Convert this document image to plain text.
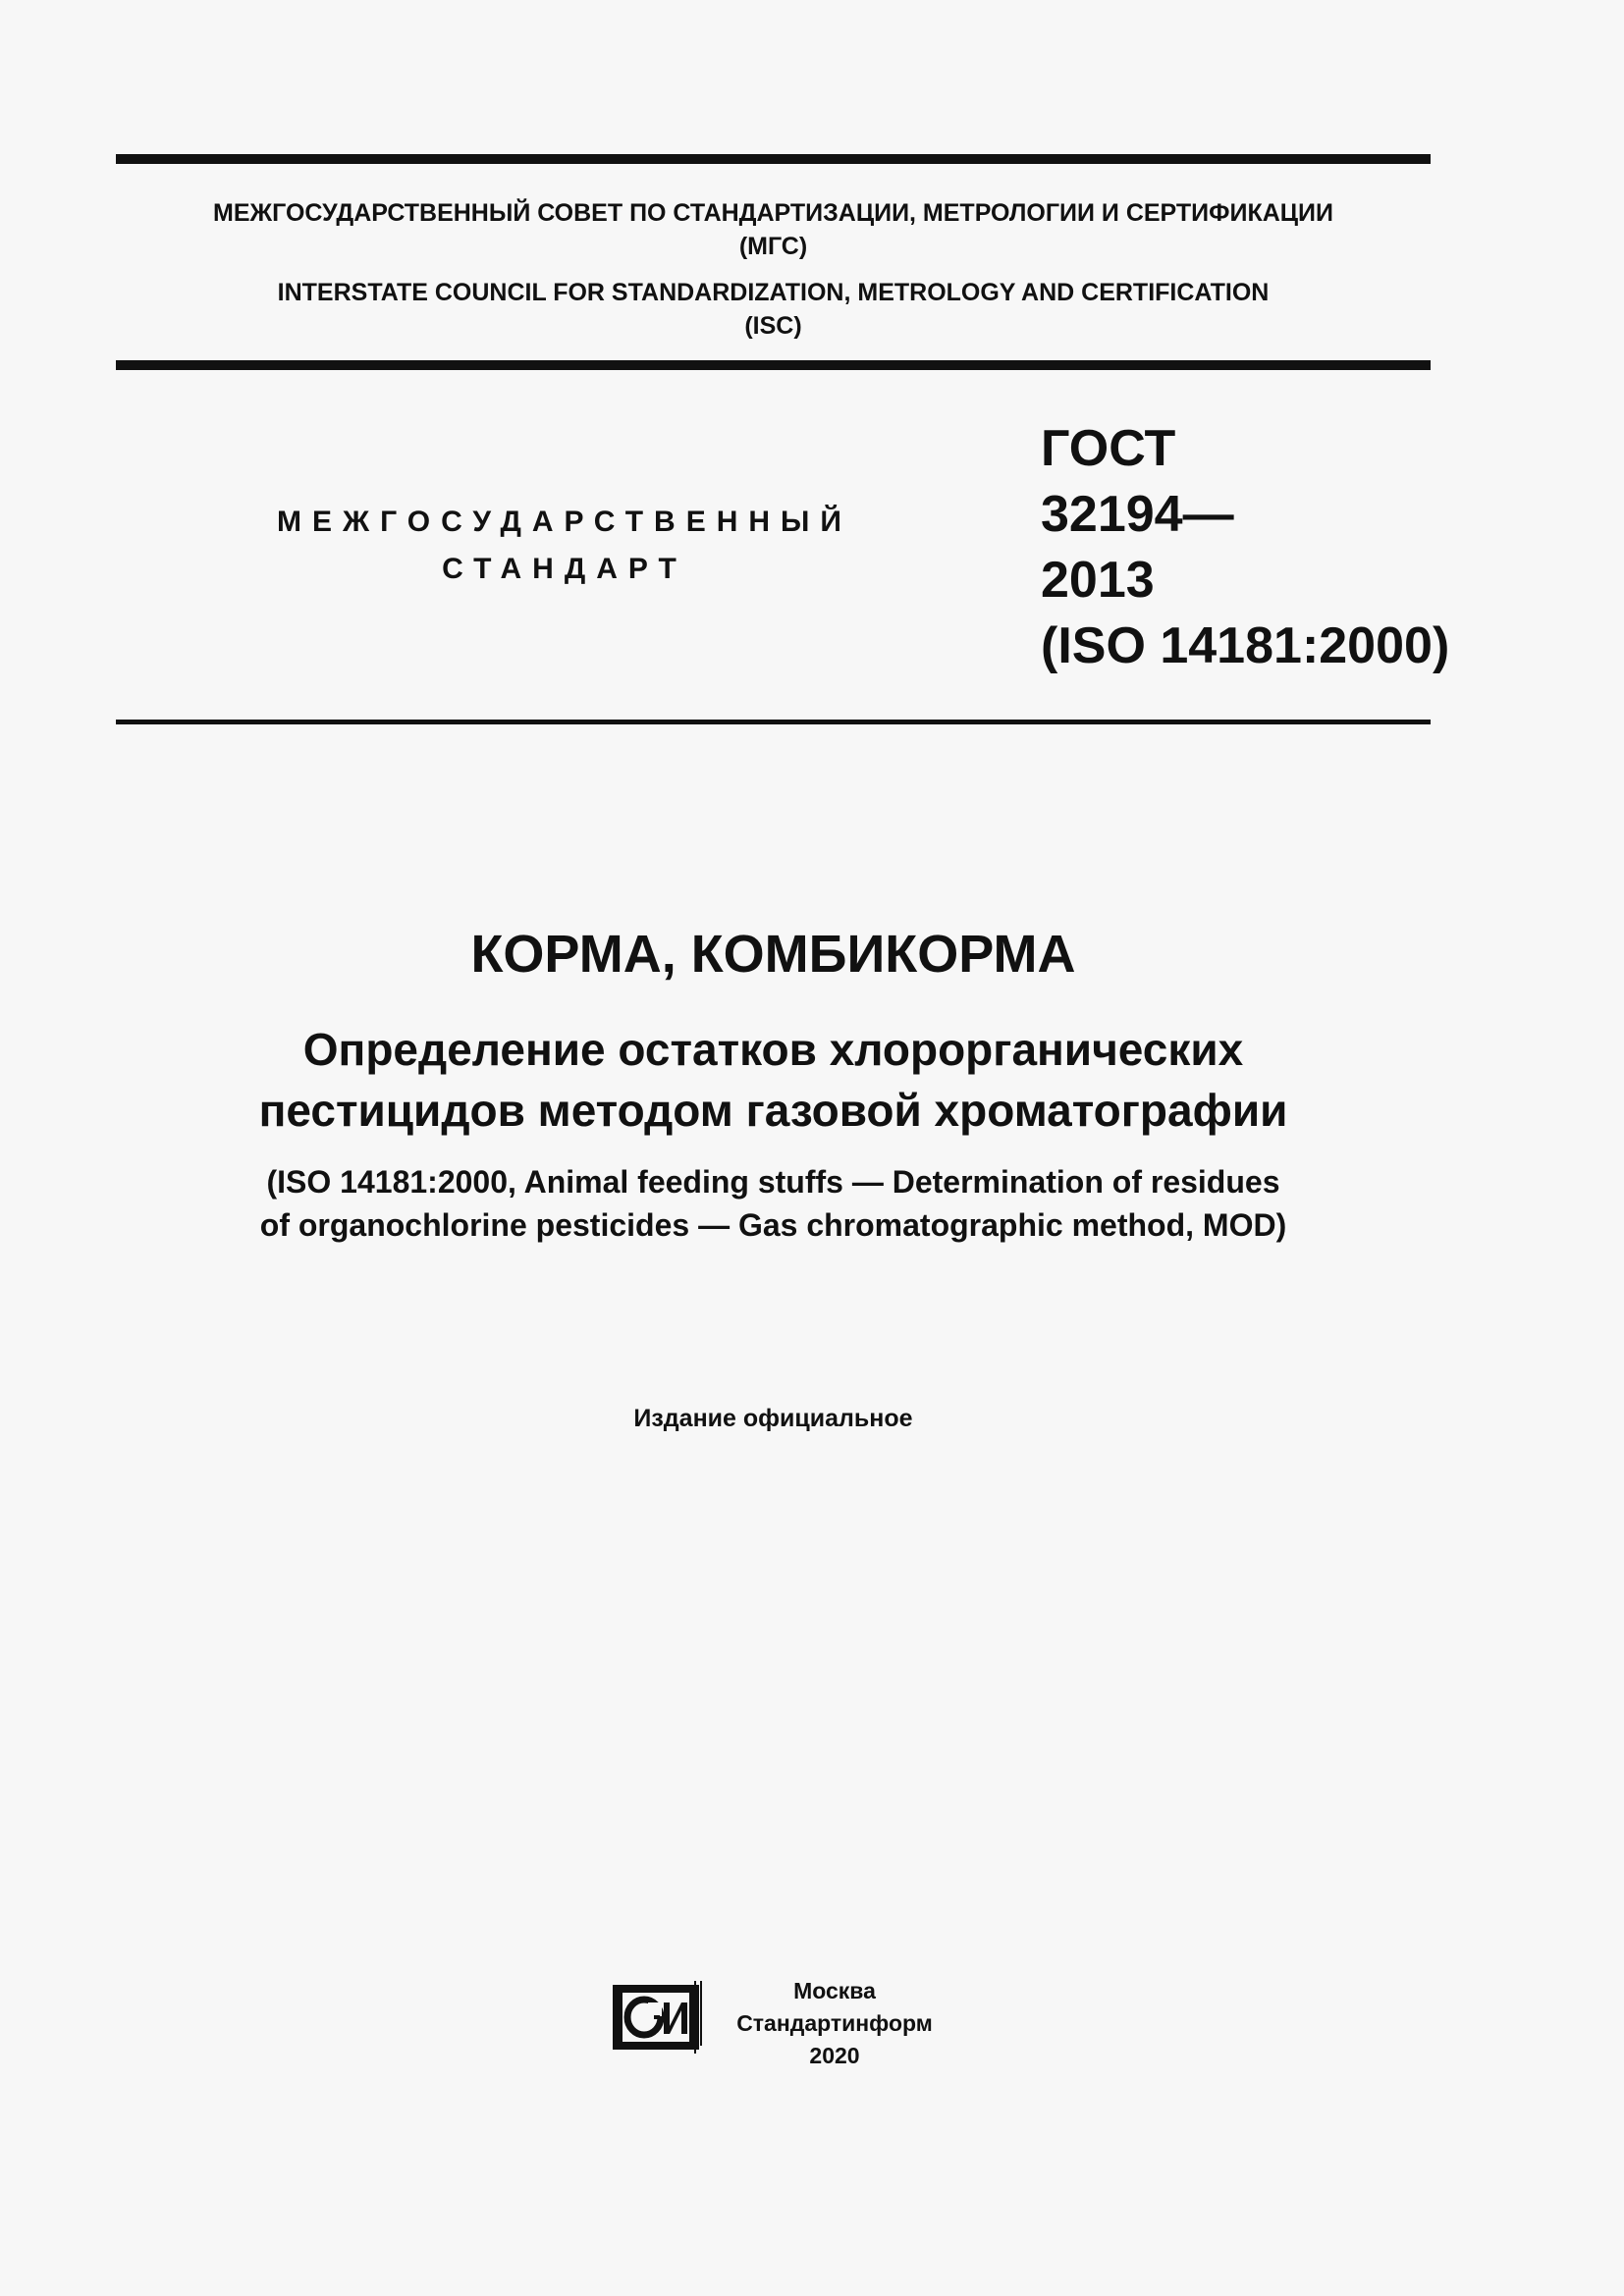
МЕЖГОСУДАРСТВЕННЫЙ СОВЕТ ПО СТАНДАРТИЗАЦИИ, МЕТРОЛОГИИ И СЕРТИФИКАЦИИ
(МГС)
INTERSTATE COUNCIL FOR STANDARDIZATION, METROLOGY AND CERTIFICATION
(ISC)
МЕЖГОСУДАРСТВЕННЫЙ
СТАНДАРТ
ГОСТ
32194—
2013
(ISO 14181:2000)
КОРМА, КОМБИКОРМА
Определение остатков хлорорганических
пестицидов методом газовой хроматографии
(ISO 14181:2000, Animal feeding stuffs — Determination of residues
of organochlorine pesticides — Gas chromatographic method, MOD)
Издание официальное
СИ	Москва
Стандартинформ
2020
